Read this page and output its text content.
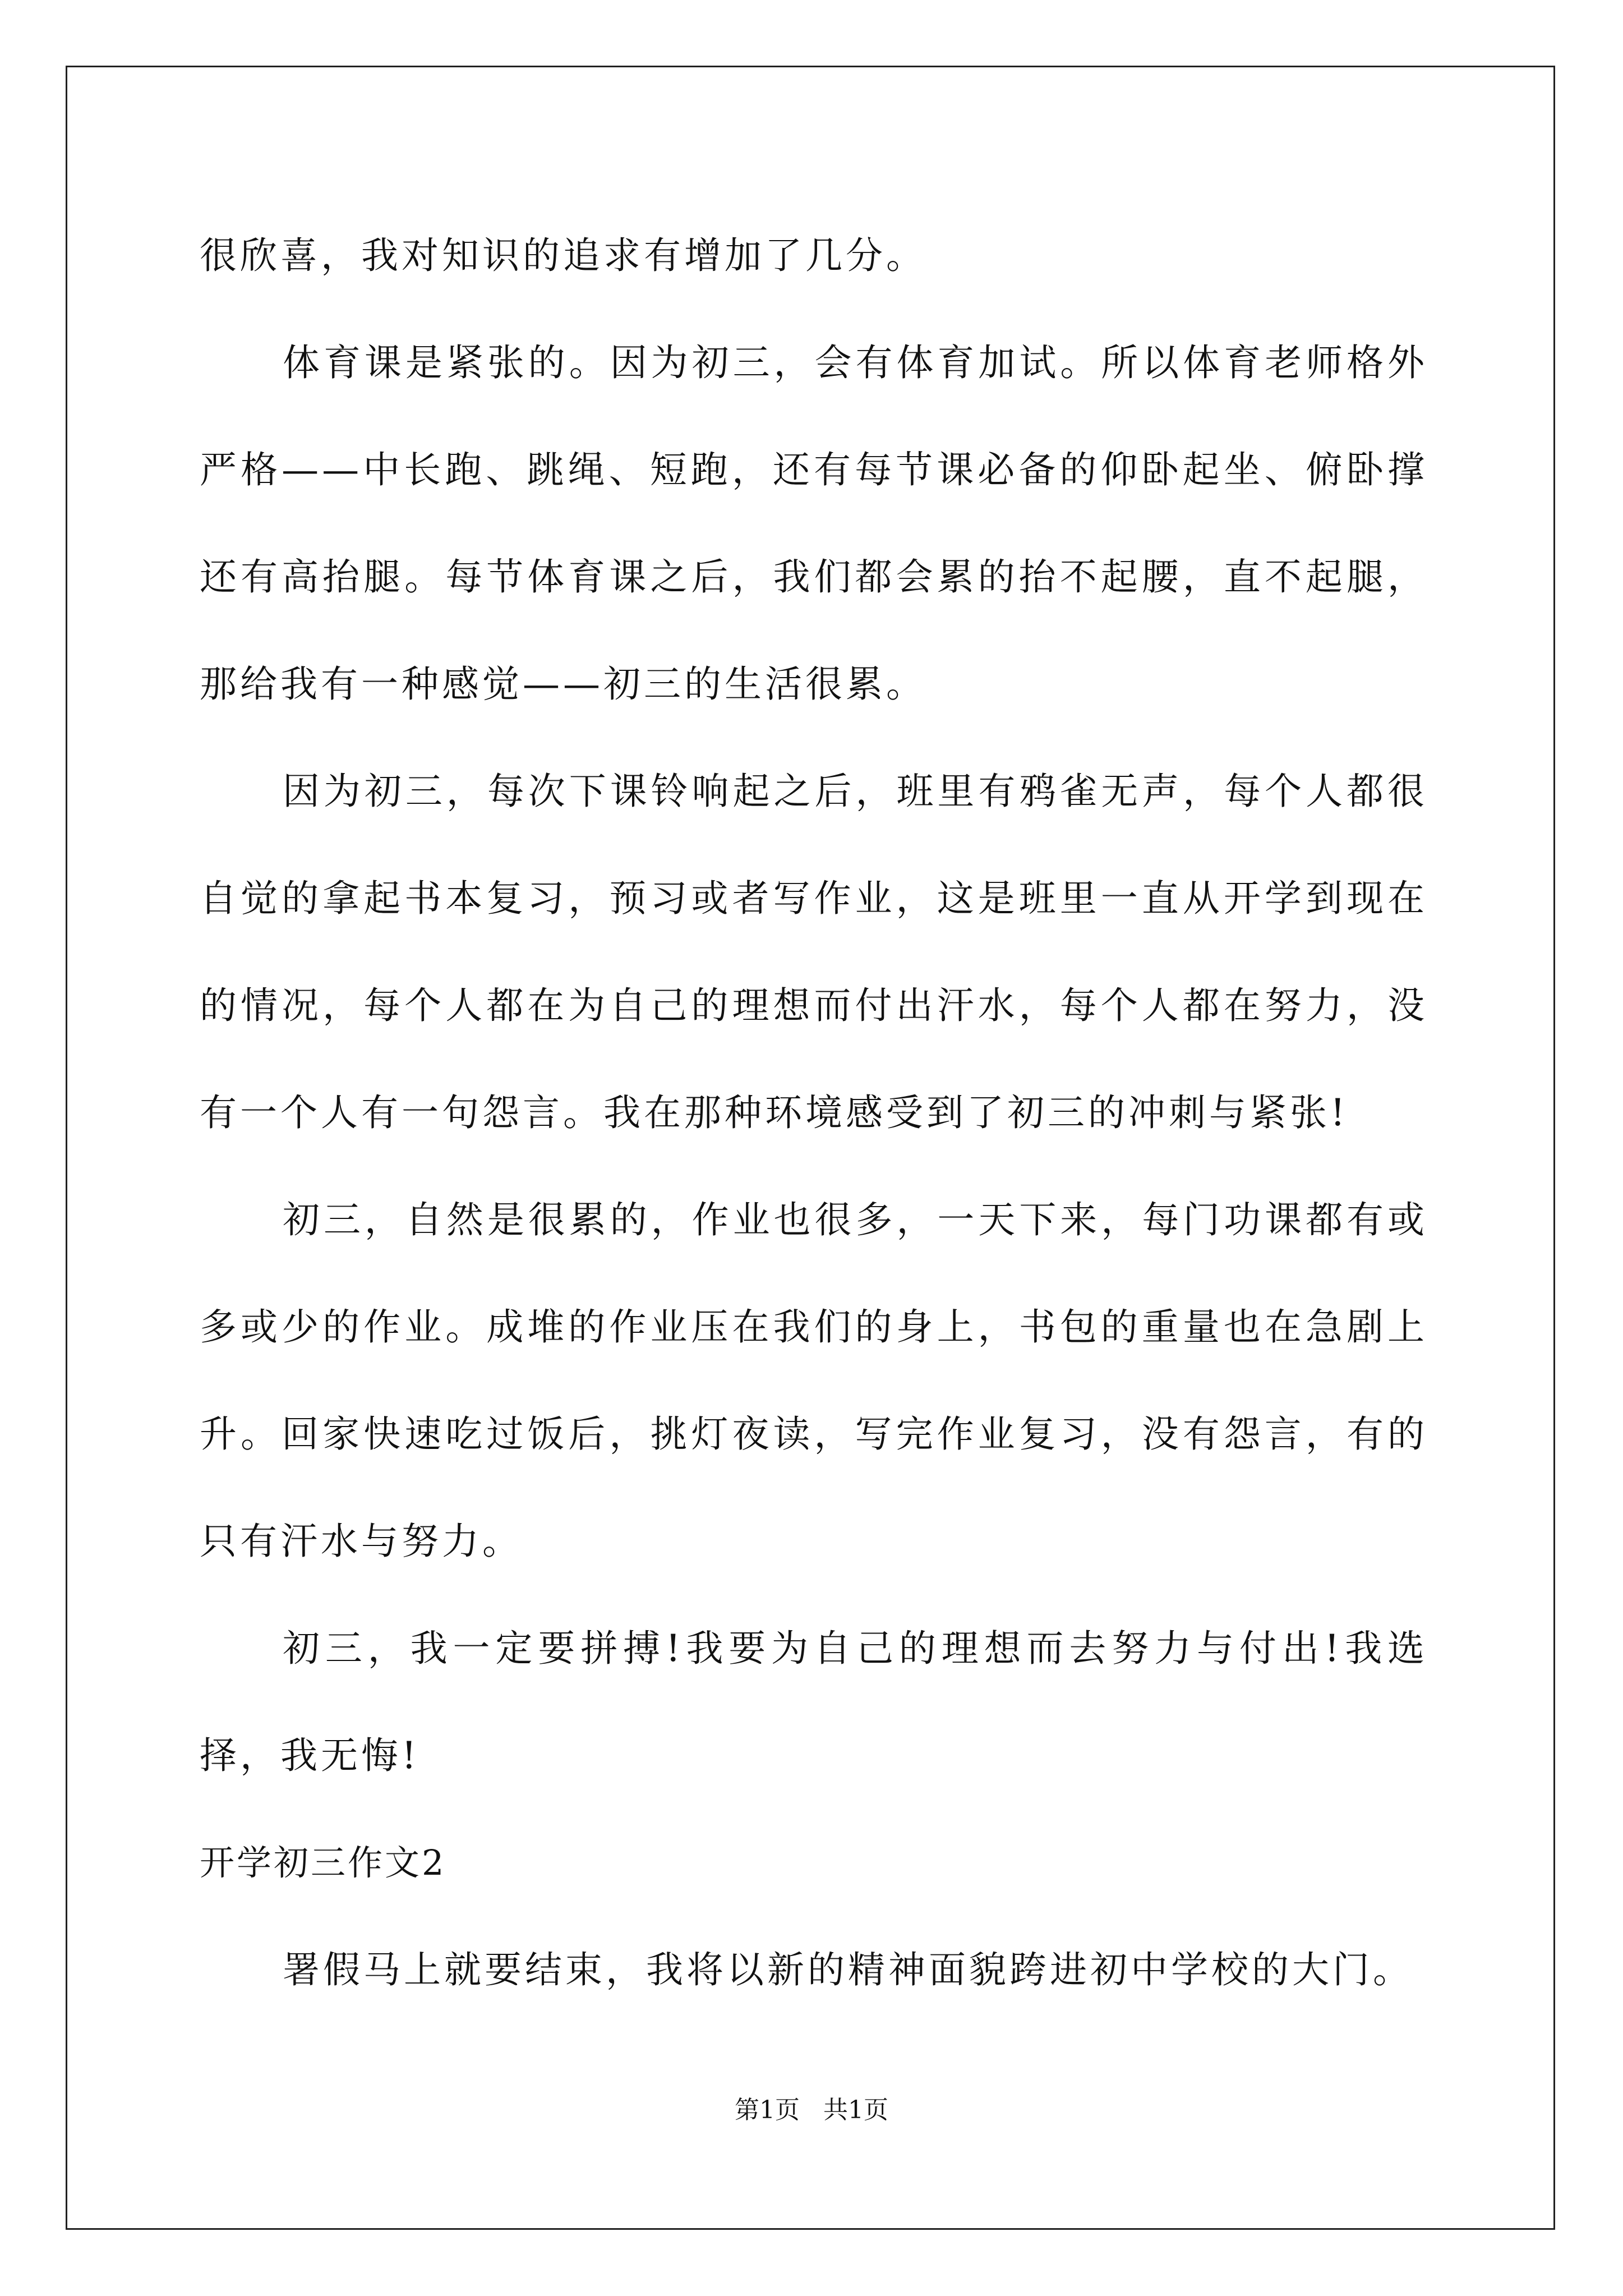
很欣喜，我对知识的追求有增加了几分。

体育课是紧张的。因为初三，会有体育加试。所以体育老师格外严格——中长跑、跳绳、短跑，还有每节课必备的仰卧起坐、俯卧撑还有高抬腿。每节体育课之后，我们都会累的抬不起腰，直不起腿，那给我有一种感觉——初三的生活很累。

因为初三，每次下课铃响起之后，班里有鸦雀无声，每个人都很自觉的拿起书本复习，预习或者写作业，这是班里一直从开学到现在的情况，每个人都在为自己的理想而付出汗水，每个人都在努力，没有一个人有一句怨言。我在那种环境感受到了初三的冲刺与紧张!

初三，自然是很累的，作业也很多，一天下来，每门功课都有或多或少的作业。成堆的作业压在我们的身上，书包的重量也在急剧上升。回家快速吃过饭后，挑灯夜读，写完作业复习，没有怨言，有的只有汗水与努力。

初三，我一定要拼搏!我要为自己的理想而去努力与付出!我选择，我无悔!

开学初三作文2

署假马上就要结束，我将以新的精神面貌跨进初中学校的大门。

第1页 共1页
